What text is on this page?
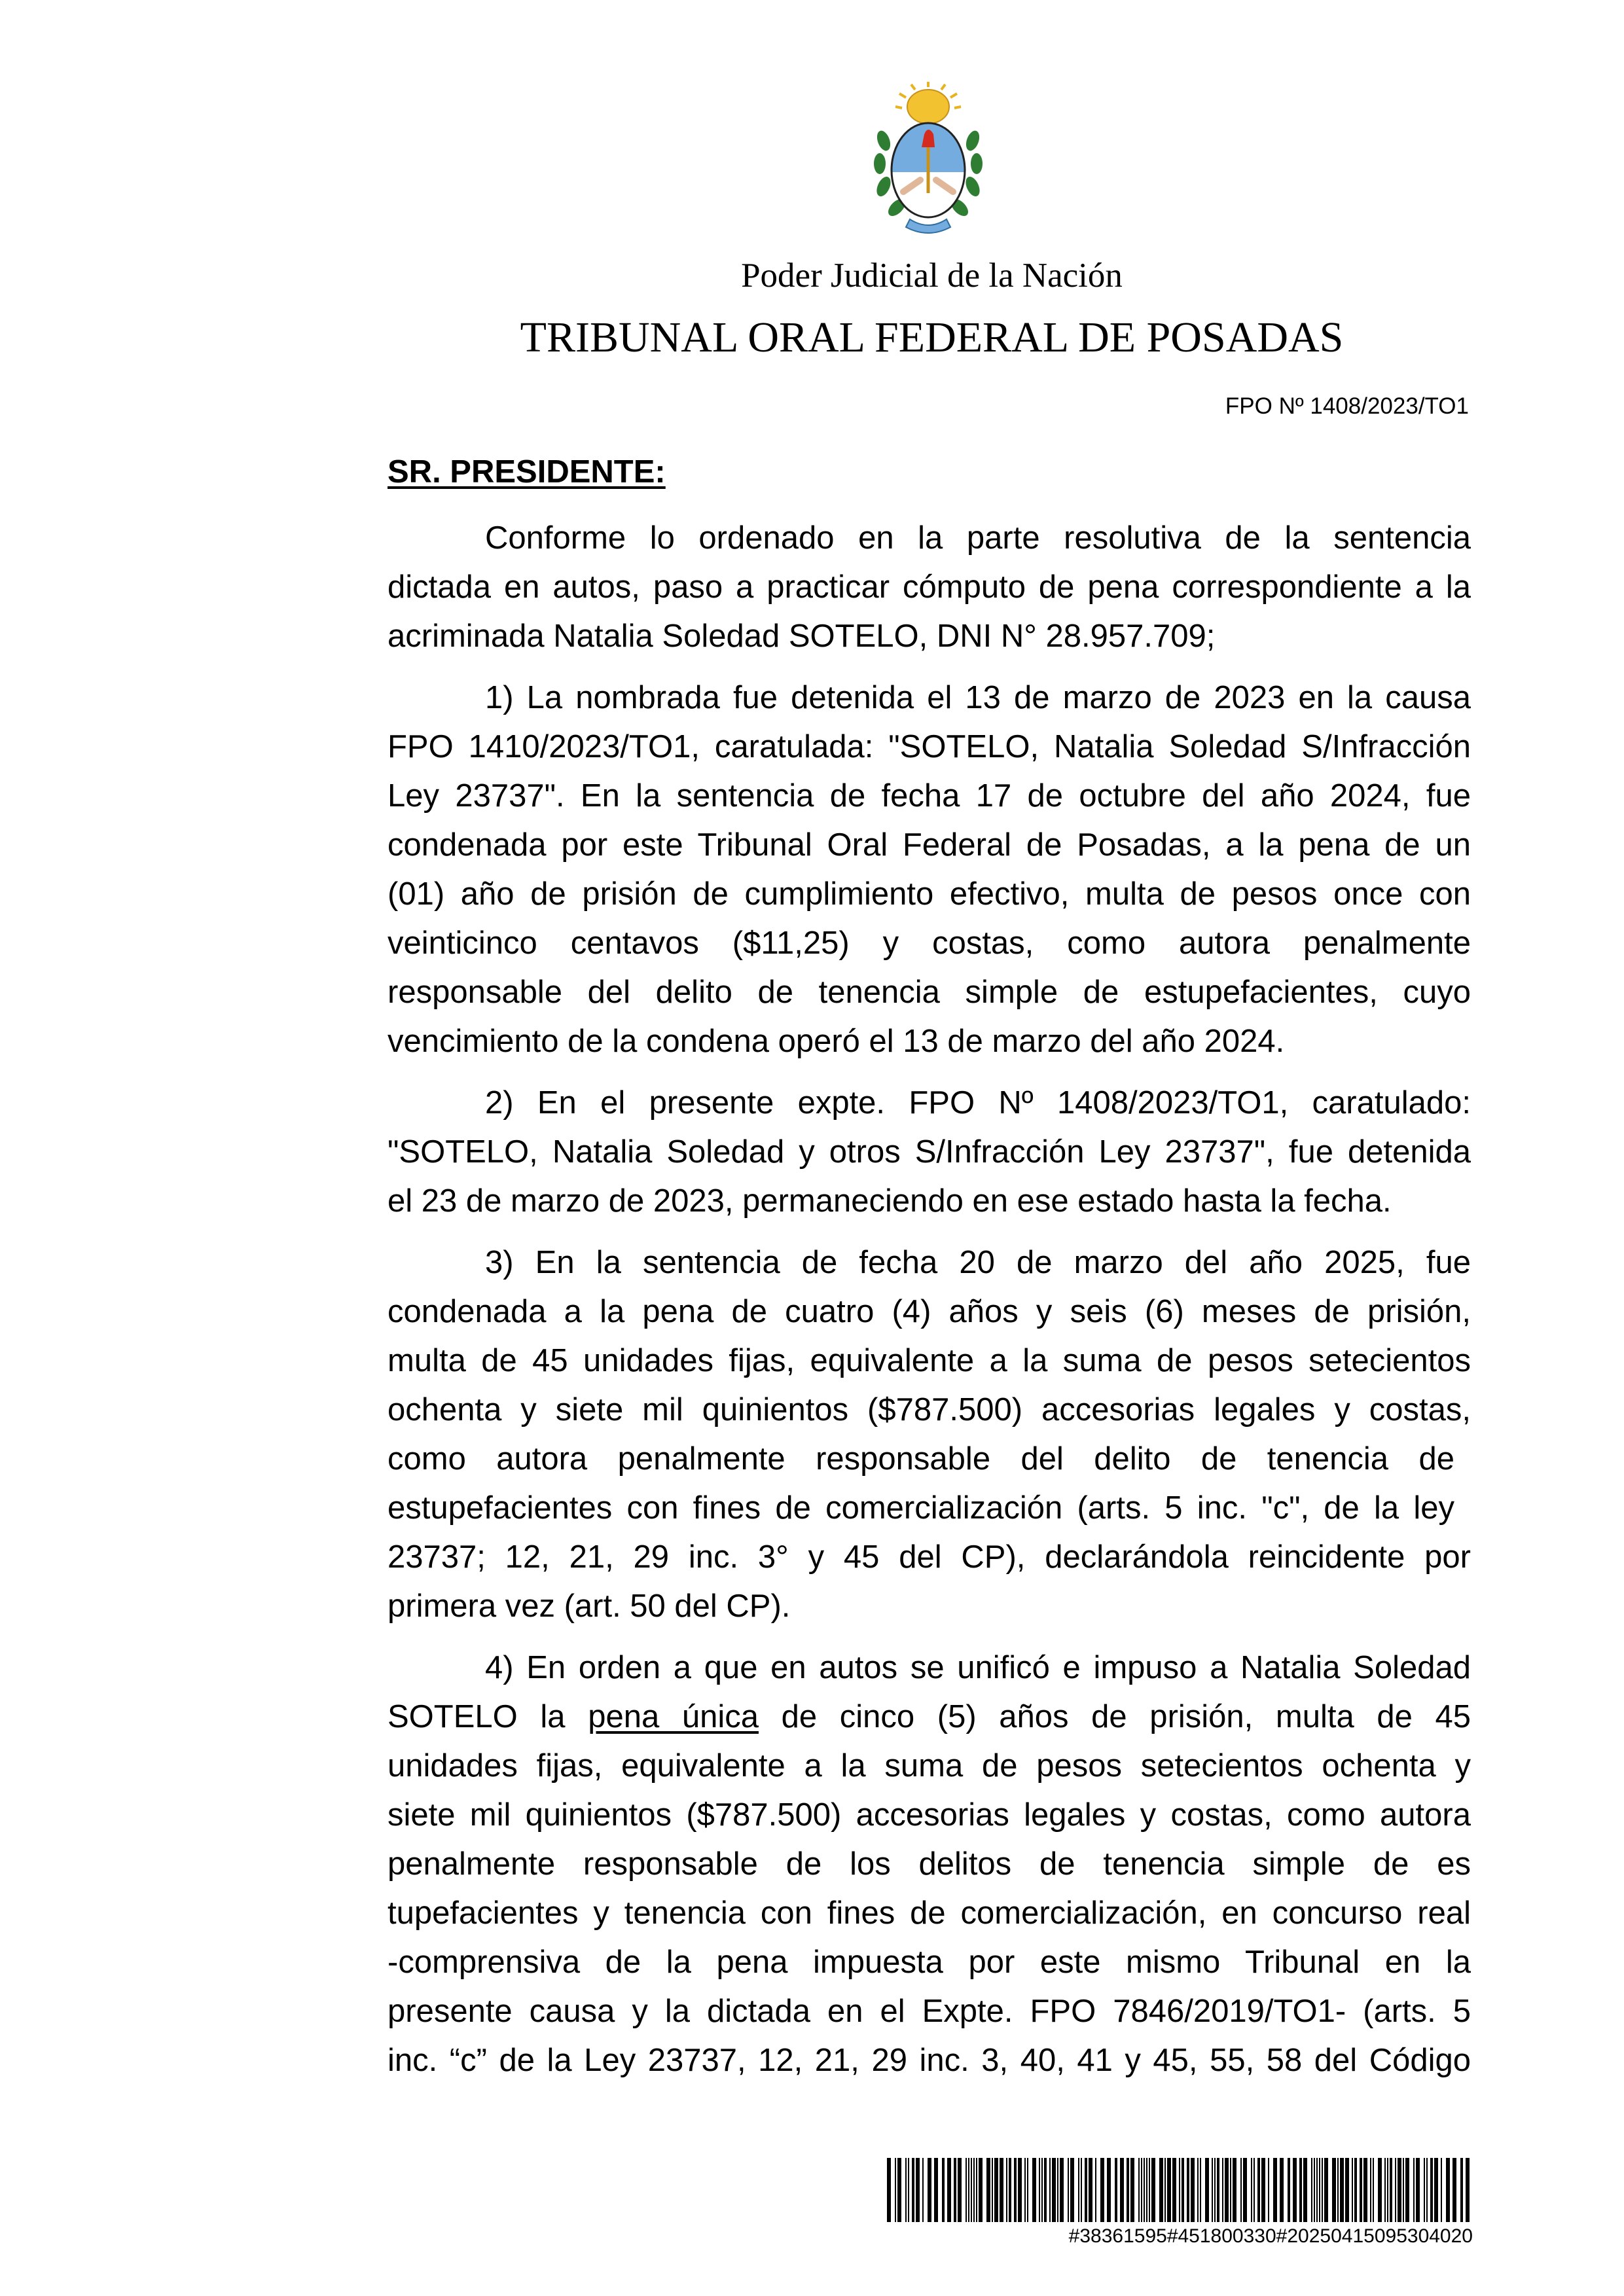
Poder Judicial de la Nación
TRIBUNAL ORAL FEDERAL DE POSADAS
FPO Nº 1408/2023/TO1
SR. PRESIDENTE:
Conforme lo ordenado en la parte resolutiva de la sentencia
dictada en autos, paso a practicar cómputo de pena correspondiente a la
acriminada Natalia Soledad SOTELO, DNI N° 28.957.709;
1) La nombrada fue detenida el 13 de marzo de 2023 en la causa
FPO 1410/2023/TO1, caratulada: "SOTELO, Natalia Soledad S/Infracción
Ley 23737". En la sentencia de fecha 17 de octubre del año 2024, fue
condenada por este Tribunal Oral Federal de Posadas, a la pena de un
(01) año de prisión de cumplimiento efectivo, multa de pesos once con
veinticinco centavos ($11,25) y costas, como autora penalmente
responsable del delito de tenencia simple de estupefacientes, cuyo
vencimiento de la condena operó el 13 de marzo del año 2024.
2) En el presente expte. FPO Nº 1408/2023/TO1, caratulado:
"SOTELO, Natalia Soledad y otros S/Infracción Ley 23737", fue detenida
el 23 de marzo de 2023, permaneciendo en ese estado hasta la fecha.
3) En la sentencia de fecha 20 de marzo del año 2025, fue
condenada a la pena de cuatro (4) años y seis (6) meses de prisión,
multa de 45 unidades fijas, equivalente a la suma de pesos setecientos
ochenta y siete mil quinientos ($787.500) accesorias legales y costas,
como autora penalmente responsable del delito de tenencia de
estupefacientes con fines de comercialización (arts. 5 inc. "c", de la ley
23737; 12, 21, 29 inc. 3° y 45 del CP), declarándola reincidente por
primera vez (art. 50 del CP).
4) En orden a que en autos se unificó e impuso a Natalia Soledad
SOTELO la pena única de cinco (5) años de prisión, multa de 45
unidades fijas, equivalente a la suma de pesos setecientos ochenta y
siete mil quinientos ($787.500) accesorias legales y costas, como autora
penalmente responsable de los delitos de tenencia simple de es
tupefacientes y tenencia con fines de comercialización, en concurso real
-comprensiva de la pena impuesta por este mismo Tribunal en la
presente causa y la dictada en el Expte. FPO 7846/2019/TO1- (arts. 5
inc. “c” de la Ley 23737, 12, 21, 29 inc. 3, 40, 41 y 45, 55, 58 del Código
#38361595#451800330#20250415095304020
